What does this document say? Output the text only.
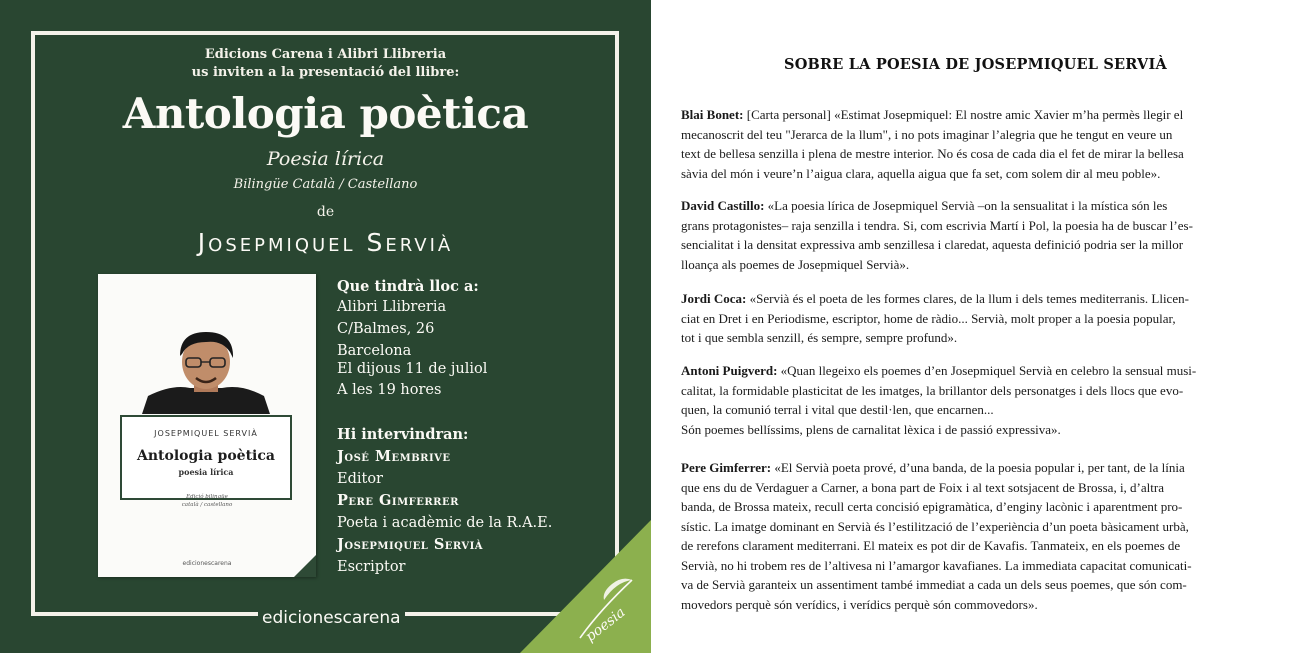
Edicions Carena i Alibri Llibreria
us inviten a la presentació del llibre:
Antologia poètica
Poesia lírica
Bilingüe Català / Castellano
de
Josepmiquel Servià
JOSEPMIQUEL SERVIÀ
Antologia poètica
poesia lírica
Edició bilingüe
català / castellano
edicionescarena
Que tindrà lloc a:
Alibri Llibreria
C/Balmes, 26
Barcelona
El dijous 11 de juliol
A les 19 hores
Hi intervindran:
José Membrive
Editor
Pere Gimferrer
Poeta i acadèmic de la R.A.E.
Josepmiquel Servià
Escriptor
edicionescarena	poesia
SOBRE LA POESIA DE JOSEPMIQUEL SERVIÀ
Blai Bonet: [Carta personal] «Estimat Josepmiquel: El nostre amic Xavier m’ha permès llegir el
mecanoscrit del teu "Jerarca de la llum", i no pots imaginar l’alegria que he tengut en veure un
text de bellesa senzilla i plena de mestre interior. No és cosa de cada dia el fet de mirar la bellesa
sàvia del món i veure’n l’aigua clara, aquella aigua que fa set, com solem dir al meu poble».
David Castillo: «La poesia lírica de Josepmiquel Servià –on la sensualitat i la mística són les
grans protagonistes– raja senzilla i tendra. Si, com escrivia Martí i Pol, la poesia ha de buscar l’es-
sencialitat i la densitat expressiva amb senzillesa i claredat, aquesta definició podria ser la millor
lloança als poemes de Josepmiquel Servià».
Jordi Coca: «Servià és el poeta de les formes clares, de la llum i dels temes mediterranis. Llicen-
ciat en Dret i en Periodisme, escriptor, home de ràdio... Servià, molt proper a la poesia popular,
tot i que sembla senzill, és sempre, sempre profund».
Antoni Puigverd: «Quan llegeixo els poemes d’en Josepmiquel Servià en celebro la sensual musi-
calitat, la formidable plasticitat de les imatges, la brillantor dels personatges i dels llocs que evo-
quen, la comunió terral i vital que destil·len, que encarnen...
Són poemes bellíssims, plens de carnalitat lèxica i de passió expressiva».
Pere Gimferrer: «El Servià poeta prové, d’una banda, de la poesia popular i, per tant, de la línia
que ens du de Verdaguer a Carner, a bona part de Foix i al text sotsjacent de Brossa, i, d’altra
banda, de Brossa mateix, recull certa concisió epigramàtica, d’enginy lacònic i aparentment pro-
sístic. La imatge dominant en Servià és l’estilització de l’experiència d’un poeta bàsicament urbà,
de rerefons clarament mediterrani. El mateix es pot dir de Kavafis. Tanmateix, en els poemes de
Servià, no hi trobem res de l’altivesa ni l’amargor kavafianes. La immediata capacitat comunicati-
va de Servià garanteix un assentiment també immediat a cada un dels seus poemes, que són com-
movedors perquè són verídics, i verídics perquè són commovedors».
